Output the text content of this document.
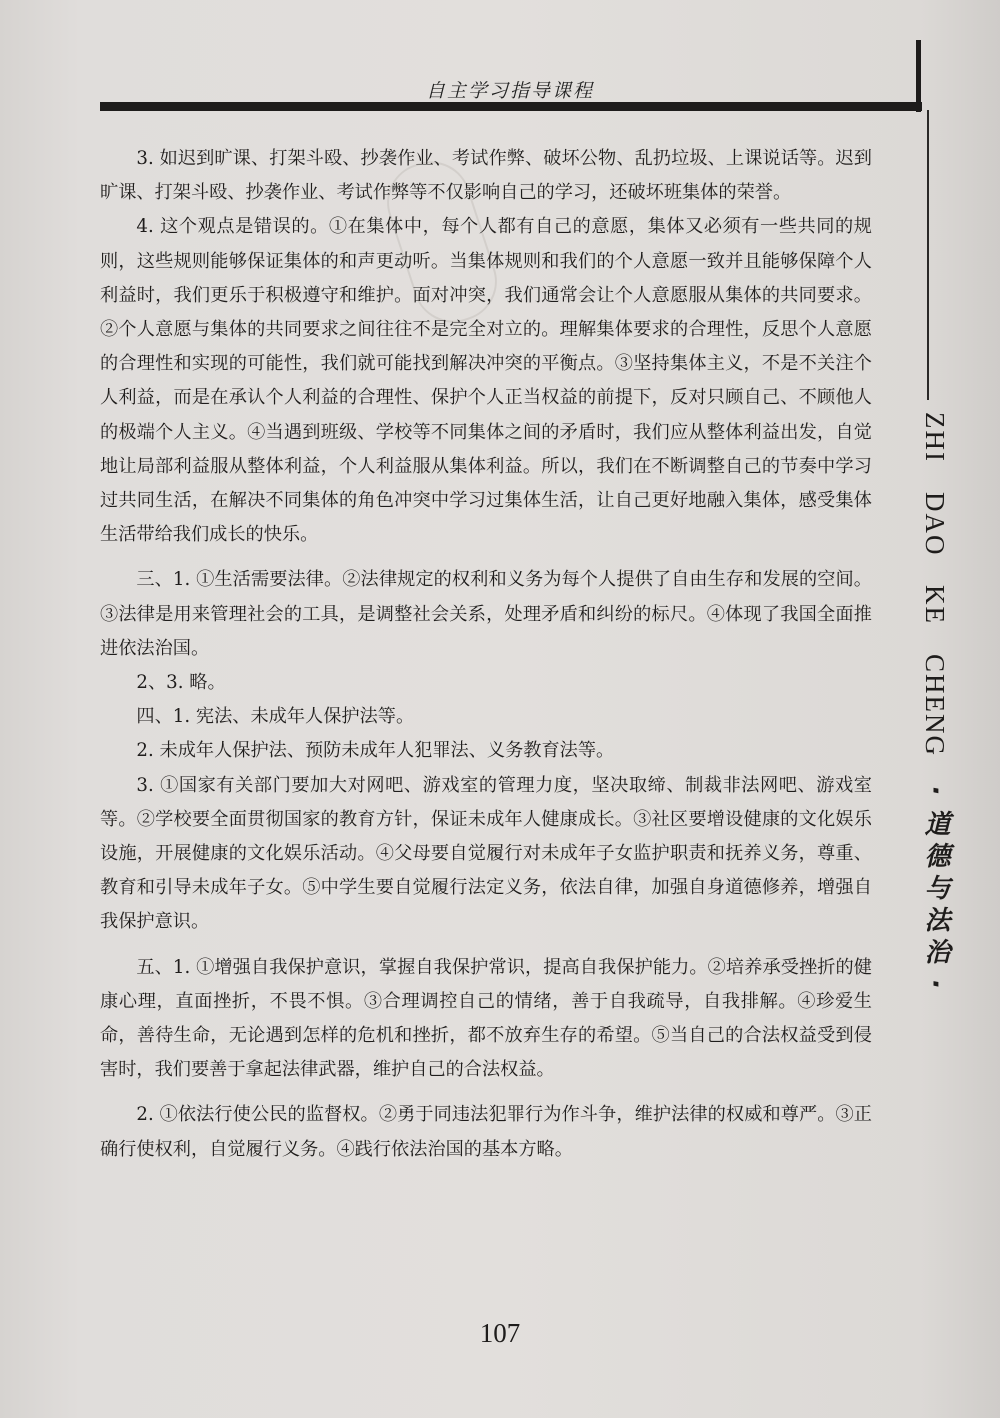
自主学习指导课程
ZHI DAO KE CHENG · 道德与法治 ·

3. 如迟到旷课、打架斗殴、抄袭作业、考试作弊、破坏公物、乱扔垃圾、上课说话等。迟到旷课、打架斗殴、抄袭作业、考试作弊等不仅影响自己的学习，还破坏班集体的荣誉。

4. 这个观点是错误的。①在集体中，每个人都有自己的意愿，集体又必须有一些共同的规则，这些规则能够保证集体的和声更动听。当集体规则和我们的个人意愿一致并且能够保障个人利益时，我们更乐于积极遵守和维护。面对冲突，我们通常会让个人意愿服从集体的共同要求。②个人意愿与集体的共同要求之间往往不是完全对立的。理解集体要求的合理性，反思个人意愿的合理性和实现的可能性，我们就可能找到解决冲突的平衡点。③坚持集体主义，不是不关注个人利益，而是在承认个人利益的合理性、保护个人正当权益的前提下，反对只顾自己、不顾他人的极端个人主义。④当遇到班级、学校等不同集体之间的矛盾时，我们应从整体利益出发，自觉地让局部利益服从整体利益，个人利益服从集体利益。所以，我们在不断调整自己的节奏中学习过共同生活，在解决不同集体的角色冲突中学习过集体生活，让自己更好地融入集体，感受集体生活带给我们成长的快乐。

三、1. ①生活需要法律。②法律规定的权利和义务为每个人提供了自由生存和发展的空间。③法律是用来管理社会的工具，是调整社会关系，处理矛盾和纠纷的标尺。④体现了我国全面推进依法治国。

2、3. 略。

四、1. 宪法、未成年人保护法等。

2. 未成年人保护法、预防未成年人犯罪法、义务教育法等。

3. ①国家有关部门要加大对网吧、游戏室的管理力度，坚决取缔、制裁非法网吧、游戏室等。②学校要全面贯彻国家的教育方针，保证未成年人健康成长。③社区要增设健康的文化娱乐设施，开展健康的文化娱乐活动。④父母要自觉履行对未成年子女监护职责和抚养义务，尊重、教育和引导未成年子女。⑤中学生要自觉履行法定义务，依法自律，加强自身道德修养，增强自我保护意识。

五、1. ①增强自我保护意识，掌握自我保护常识，提高自我保护能力。②培养承受挫折的健康心理，直面挫折，不畏不惧。③合理调控自己的情绪，善于自我疏导，自我排解。④珍爱生命，善待生命，无论遇到怎样的危机和挫折，都不放弃生存的希望。⑤当自己的合法权益受到侵害时，我们要善于拿起法律武器，维护自己的合法权益。

2. ①依法行使公民的监督权。②勇于同违法犯罪行为作斗争，维护法律的权威和尊严。③正确行使权利，自觉履行义务。④践行依法治国的基本方略。

107
